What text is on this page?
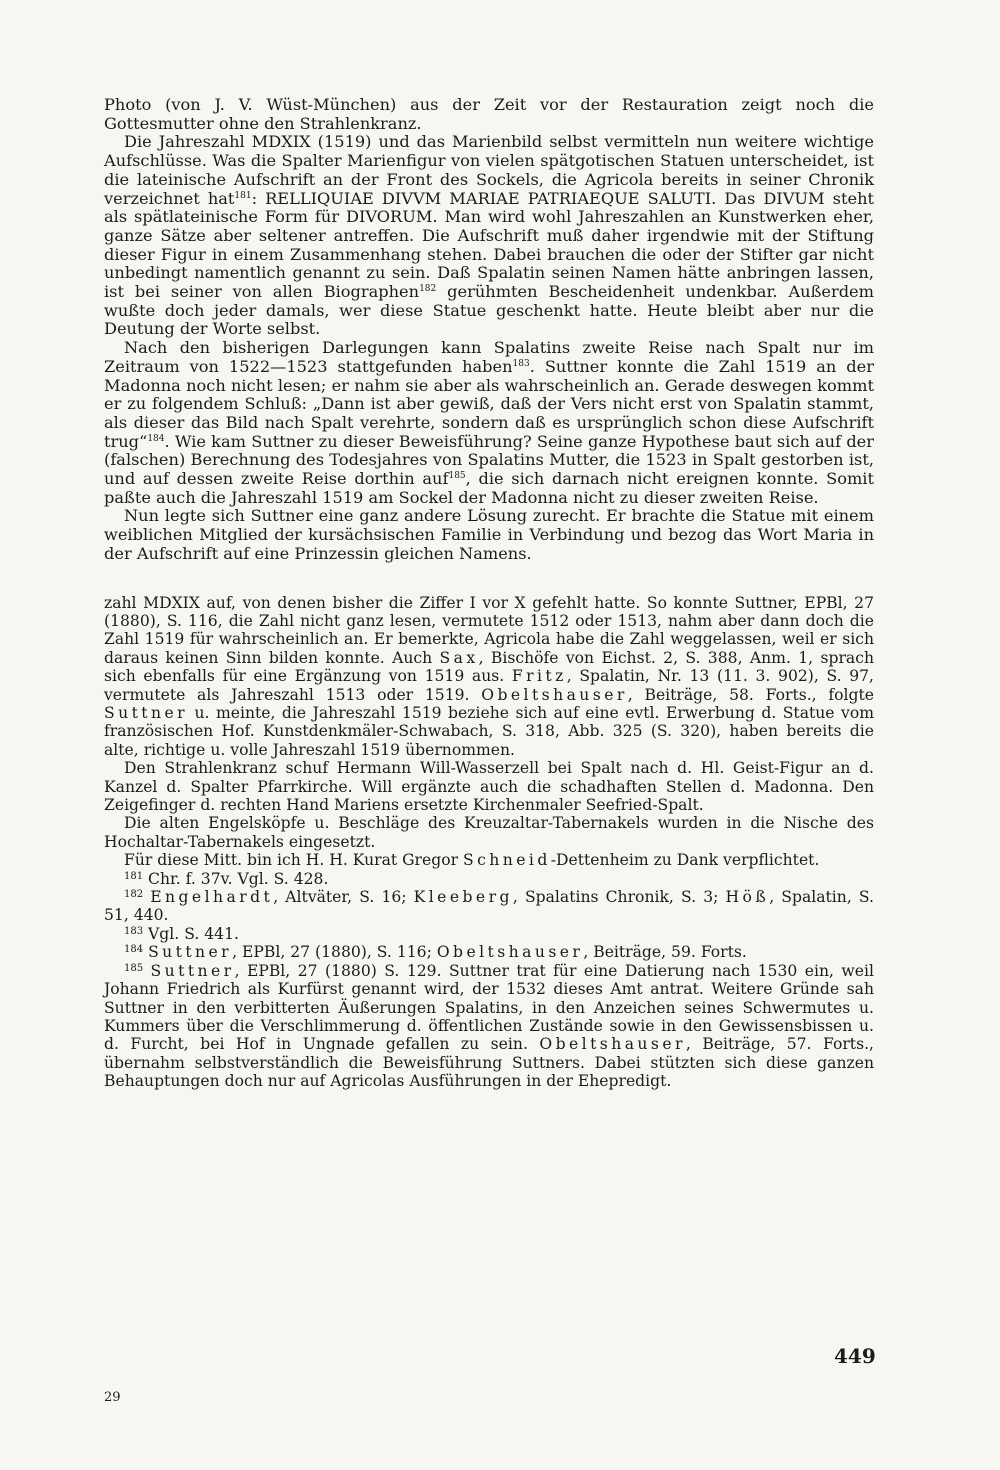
Photo (von J. V. Wüst-München) aus der Zeit vor der Restauration zeigt noch die Gottesmutter ohne den Strahlenkranz.

Die Jahreszahl MDXIX (1519) und das Marienbild selbst vermitteln nun weitere wichtige Aufschlüsse. Was die Spalter Marienfigur von vielen spätgotischen Statuen unterscheidet, ist die lateinische Aufschrift an der Front des Sockels, die Agricola bereits in seiner Chronik verzeichnet hat$^{181}$: RELLIQUIAE DIVVM MARIAE PATRIAEQUE SALUTI. Das DIVUM steht als spätlateinische Form für DIVORUM. Man wird wohl Jahreszahlen an Kunstwerken eher, ganze Sätze aber seltener antreffen. Die Aufschrift muß daher irgendwie mit der Stiftung dieser Figur in einem Zusammenhang stehen. Dabei brauchen die oder der Stifter gar nicht unbedingt namentlich genannt zu sein. Daß Spalatin seinen Namen hätte anbringen lassen, ist bei seiner von allen Biographen$^{182}$ gerühmten Bescheidenheit undenkbar. Außerdem wußte doch jeder damals, wer diese Statue geschenkt hatte. Heute bleibt aber nur die Deutung der Worte selbst.

Nach den bisherigen Darlegungen kann Spalatins zweite Reise nach Spalt nur im Zeitraum von 1522—1523 stattgefunden haben$^{183}$. Suttner konnte die Zahl 1519 an der Madonna noch nicht lesen; er nahm sie aber als wahrscheinlich an. Gerade deswegen kommt er zu folgendem Schluß: „Dann ist aber gewiß, daß der Vers nicht erst von Spalatin stammt, als dieser das Bild nach Spalt verehrte, sondern daß es ursprünglich schon diese Aufschrift trug“$^{184}$. Wie kam Suttner zu dieser Beweisführung? Seine ganze Hypothese baut sich auf der (falschen) Berechnung des Todesjahres von Spalatins Mutter, die 1523 in Spalt gestorben ist, und auf dessen zweite Reise dorthin auf$^{185}$, die sich darnach nicht ereignen konnte. Somit paßte auch die Jahreszahl 1519 am Sockel der Madonna nicht zu dieser zweiten Reise.

Nun legte sich Suttner eine ganz andere Lösung zurecht. Er brachte die Statue mit einem weiblichen Mitglied der kursächsischen Familie in Verbindung und bezog das Wort Maria in der Aufschrift auf eine Prinzessin gleichen Namens.

zahl MDXIX auf, von denen bisher die Ziffer I vor X gefehlt hatte. So konnte Suttner, EPBl, 27 (1880), S. 116, die Zahl nicht ganz lesen, vermutete 1512 oder 1513, nahm aber dann doch die Zahl 1519 für wahrscheinlich an. Er bemerkte, Agricola habe die Zahl weggelassen, weil er sich daraus keinen Sinn bilden konnte. Auch Sax, Bischöfe von Eichst. 2, S. 388, Anm. 1, sprach sich ebenfalls für eine Ergänzung von 1519 aus. Fritz, Spalatin, Nr. 13 (11. 3. 902), S. 97, vermutete als Jahreszahl 1513 oder 1519. Obeltshauser, Beiträge, 58. Forts., folgte Suttner u. meinte, die Jahreszahl 1519 beziehe sich auf eine evtl. Erwerbung d. Statue vom französischen Hof. Kunstdenkmäler-Schwabach, S. 318, Abb. 325 (S. 320), haben bereits die alte, richtige u. volle Jahreszahl 1519 übernommen.

Den Strahlenkranz schuf Hermann Will-Wasserzell bei Spalt nach d. Hl. Geist-Figur an d. Kanzel d. Spalter Pfarrkirche. Will ergänzte auch die schadhaften Stellen d. Madonna. Den Zeigefinger d. rechten Hand Mariens ersetzte Kirchenmaler Seefried-Spalt.

Die alten Engelsköpfe u. Beschläge des Kreuzaltar-Tabernakels wurden in die Nische des Hochaltar-Tabernakels eingesetzt.

Für diese Mitt. bin ich H. H. Kurat Gregor Schneid-Dettenheim zu Dank verpflichtet.

$^{181}$ Chr. f. 37v. Vgl. S. 428.

$^{182}$ Engelhardt, Altväter, S. 16; Kleeberg, Spalatins Chronik, S. 3; Höß, Spalatin, S. 51, 440.

$^{183}$ Vgl. S. 441.

$^{184}$ Suttner, EPBl, 27 (1880), S. 116; Obeltshauser, Beiträge, 59. Forts.

$^{185}$ Suttner, EPBl, 27 (1880) S. 129. Suttner trat für eine Datierung nach 1530 ein, weil Johann Friedrich als Kurfürst genannt wird, der 1532 dieses Amt antrat. Weitere Gründe sah Suttner in den verbitterten Äußerungen Spalatins, in den Anzeichen seines Schwermutes u. Kummers über die Verschlimmerung d. öffentlichen Zustände sowie in den Gewissensbissen u. d. Furcht, bei Hof in Ungnade gefallen zu sein. Obeltshauser, Beiträge, 57. Forts., übernahm selbstverständlich die Beweisführung Suttners. Dabei stützten sich diese ganzen Behauptungen doch nur auf Agricolas Ausführungen in der Ehepredigt.

29
449
